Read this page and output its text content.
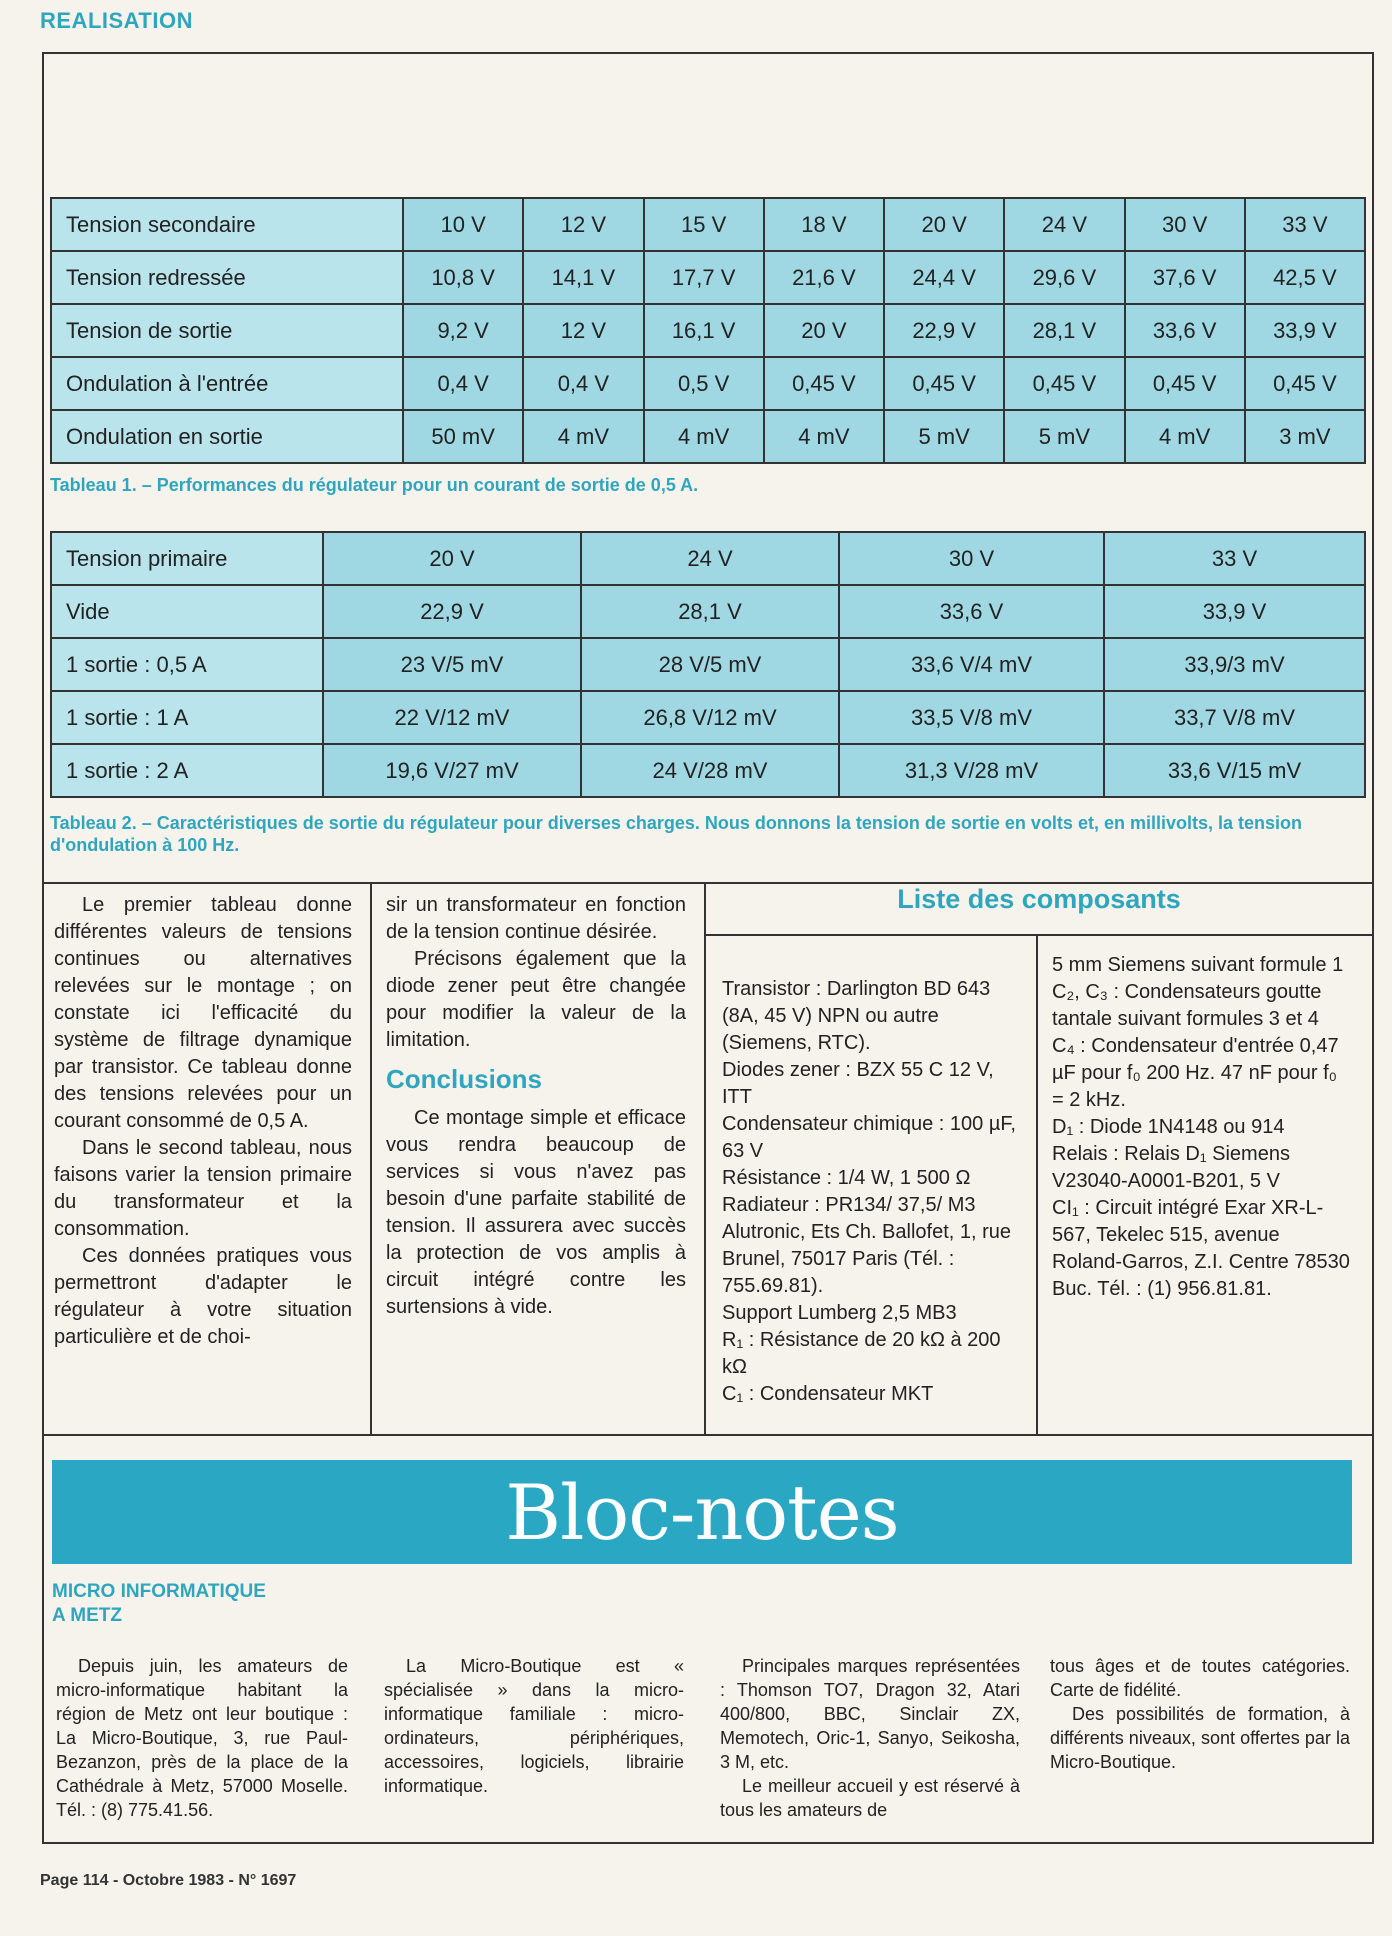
REALISATION
Tension secondaire	10 V	12 V	15 V	18 V	20 V	24 V	30 V	33 V
Tension redressée	10,8 V	14,1 V	17,7 V	21,6 V	24,4 V	29,6 V	37,6 V	42,5 V
Tension de sortie	9,2 V	12 V	16,1 V	20 V	22,9 V	28,1 V	33,6 V	33,9 V
Ondulation à l'entrée	0,4 V	0,4 V	0,5 V	0,45 V	0,45 V	0,45 V	0,45 V	0,45 V
Ondulation en sortie	50 mV	4 mV	4 mV	4 mV	5 mV	5 mV	4 mV	3 mV
Tableau 1. – Performances du régulateur pour un courant de sortie de 0,5 A.
Tension primaire	20 V	24 V	30 V	33 V
Vide	22,9 V	28,1 V	33,6 V	33,9 V
1 sortie : 0,5 A	23 V/5 mV	28 V/5 mV	33,6 V/4 mV	33,9/3 mV
1 sortie : 1 A	22 V/12 mV	26,8 V/12 mV	33,5 V/8 mV	33,7 V/8 mV
1 sortie : 2 A	19,6 V/27 mV	24 V/28 mV	31,3 V/28 mV	33,6 V/15 mV
Tableau 2. – Caractéristiques de sortie du régulateur pour diverses charges. Nous donnons la tension de sortie en volts et, en millivolts, la tension d'ondulation à 100 Hz.

Le premier tableau donne différentes valeurs de tensions continues ou alternatives relevées sur le montage ; on constate ici l'efficacité du système de filtrage dynamique par transistor. Ce tableau donne des tensions relevées pour un courant consommé de 0,5 A.

Dans le second tableau, nous faisons varier la tension primaire du transformateur et la consommation.

Ces données pratiques vous permettront d'adapter le régulateur à votre situation particulière et de choi-

sir un transformateur en fonction de la tension continue désirée.

Précisons également que la diode zener peut être changée pour modifier la valeur de la limitation.

Conclusions

Ce montage simple et efficace vous rendra beaucoup de services si vous n'avez pas besoin d'une parfaite stabilité de tension. Il assurera avec succès la protection de vos amplis à circuit intégré contre les surtensions à vide.

Liste des composants
Transistor : Darlington BD 643 (8A, 45 V) NPN ou autre (Siemens, RTC).
Diodes zener : BZX 55 C 12 V, ITT
Condensateur chimique : 100 µF, 63 V
Résistance : 1/4 W, 1 500 Ω
Radiateur : PR134/ 37,5/ M3 Alutronic, Ets Ch. Ballofet, 1, rue Brunel, 75017 Paris (Tél. : 755.69.81).
Support Lumberg 2,5 MB3
R₁ : Résistance de 20 kΩ à 200 kΩ
C₁ : Condensateur MKT
5 mm Siemens suivant formule 1
C₂, C₃ : Condensateurs goutte tantale suivant formules 3 et 4
C₄ : Condensateur d'entrée 0,47 µF pour f₀ 200 Hz. 47 nF pour f₀ = 2 kHz.
D₁ : Diode 1N4148 ou 914
Relais : Relais D₁ Siemens V23040-A0001-B201, 5 V
CI₁ : Circuit intégré Exar XR-L-567, Tekelec 515, avenue Roland-Garros, Z.I. Centre 78530 Buc. Tél. : (1) 956.81.81.
Bloc-notes
MICRO INFORMATIQUE
A METZ

Depuis juin, les amateurs de micro-informatique habitant la région de Metz ont leur boutique : La Micro-Boutique, 3, rue Paul-Bezanzon, près de la place de la Cathédrale à Metz, 57000 Moselle. Tél. : (8) 775.41.56.

La Micro-Boutique est « spécialisée » dans la micro-informatique familiale : micro-ordinateurs, périphériques, accessoires, logiciels, librairie informatique.

Principales marques représentées : Thomson TO7, Dragon 32, Atari 400/800, BBC, Sinclair ZX, Memotech, Oric-1, Sanyo, Seikosha, 3 M, etc.

Le meilleur accueil y est réservé à tous les amateurs de

tous âges et de toutes catégories. Carte de fidélité.

Des possibilités de formation, à différents niveaux, sont offertes par la Micro-Boutique.

Page 114 - Octobre 1983 - N° 1697
